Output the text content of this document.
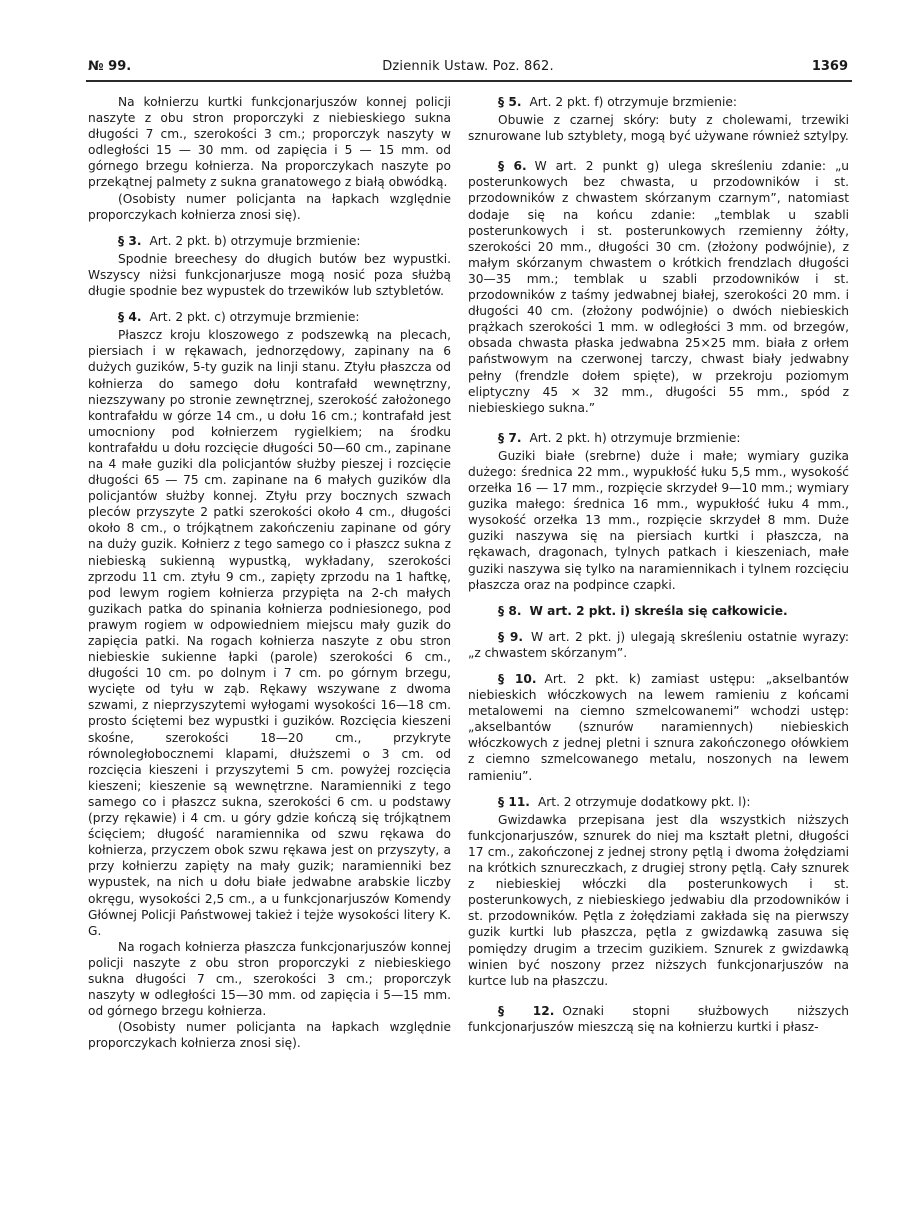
№ 99.	Dziennik Ustaw. Poz. 862.	1369

Na kołnierzu kurtki funkcjonarjuszów konnej policji naszyte z obu stron proporczyki z niebieskiego sukna długości 7 cm., szerokości 3 cm.; proporczyk naszyty w odległości 15 — 30 mm. od zapięcia i 5 — 15 mm. od górnego brzegu kołnierza. Na proporczykach naszyte po przekątnej palmety z sukna granatowego z białą obwódką.

(Osobisty numer policjanta na łapkach względnie proporczykach kołnierza znosi się).

§ 3. Art. 2 pkt. b) otrzymuje brzmienie:

Spodnie breechesy do długich butów bez wypustki. Wszyscy niżsi funkcjonarjusze mogą nosić poza służbą długie spodnie bez wypustek do trzewików lub sztybletów.

§ 4. Art. 2 pkt. c) otrzymuje brzmienie:

Płaszcz kroju kloszowego z podszewką na plecach, piersiach i w rękawach, jednorzędowy, zapinany na 6 dużych guzików, 5-ty guzik na linji stanu. Ztyłu płaszcza od kołnierza do samego dołu kontrafałd wewnętrzny, niezszywany po stronie zewnętrznej, szerokość założonego kontrafałdu w górze 14 cm., u dołu 16 cm.; kontrafałd jest umocniony pod kołnierzem rygielkiem; na środku kontrafałdu u dołu rozcięcie długości 50—60 cm., zapinane na 4 małe guziki dla policjantów służby pieszej i rozcięcie długości 65 — 75 cm. zapinane na 6 małych guzików dla policjantów służby konnej. Ztyłu przy bocznych szwach pleców przyszyte 2 patki szerokości około 4 cm., długości około 8 cm., o trójkątnem zakończeniu zapinane od góry na duży guzik. Kołnierz z tego samego co i płaszcz sukna z niebieską sukienną wypustką, wykładany, szerokości zprzodu 11 cm. ztyłu 9 cm., zapięty zprzodu na 1 haftkę, pod lewym rogiem kołnierza przypięta na 2-ch małych guzikach patka do spinania kołnierza podniesionego, pod prawym rogiem w odpowiedniem miejscu mały guzik do zapięcia patki. Na rogach kołnierza naszyte z obu stron niebieskie sukienne łapki (parole) szerokości 6 cm., długości 10 cm. po dolnym i 7 cm. po górnym brzegu, wycięte od tyłu w ząb. Rękawy wszywane z dwoma szwami, z nieprzyszytemi wyłogami wysokości 16—18 cm. prosto ściętemi bez wypustki i guzików. Rozcięcia kieszeni skośne, szerokości 18—20 cm., przykryte równoległobocznemi klapami, dłuższemi o 3 cm. od rozcięcia kieszeni i przyszytemi 5 cm. powyżej rozcięcia kieszeni; kieszenie są wewnętrzne. Naramienniki z tego samego co i płaszcz sukna, szerokości 6 cm. u podstawy (przy rękawie) i 4 cm. u góry gdzie kończą się trójkątnem ścięciem; długość naramiennika od szwu rękawa do kołnierza, przyczem obok szwu rękawa jest on przyszyty, a przy kołnierzu zapięty na mały guzik; naramienniki bez wypustek, na nich u dołu białe jedwabne arabskie liczby okręgu, wysokości 2,5 cm., a u funkcjonarjuszów Komendy Głównej Policji Państwowej takież i tejże wysokości litery K. G.

Na rogach kołnierza płaszcza funkcjonarjuszów konnej policji naszyte z obu stron proporczyki z niebieskiego sukna długości 7 cm., szerokości 3 cm.; proporczyk naszyty w odległości 15—30 mm. od zapięcia i 5—15 mm. od górnego brzegu kołnierza.

(Osobisty numer policjanta na łapkach względnie proporczykach kołnierza znosi się).

§ 5. Art. 2 pkt. f) otrzymuje brzmienie:

Obuwie z czarnej skóry: buty z cholewami, trzewiki sznurowane lub sztyblety, mogą być używane również sztylpy.

§ 6. W art. 2 punkt g) ulega skreśleniu zdanie: „u posterunkowych bez chwasta, u przodowników i st. przodowników z chwastem skórzanym czarnym”, natomiast dodaje się na końcu zdanie: „temblak u szabli posterunkowych i st. posterunkowych rzemienny żółty, szerokości 20 mm., długości 30 cm. (złożony podwójnie), z małym skórzanym chwastem o krótkich frendzlach długości 30—35 mm.; temblak u szabli przodowników i st. przodowników z taśmy jedwabnej białej, szerokości 20 mm. i długości 40 cm. (złożony podwójnie) o dwóch niebieskich prążkach szerokości 1 mm. w odległości 3 mm. od brzegów, obsada chwasta płaska jedwabna 25×25 mm. biała z orłem państwowym na czerwonej tarczy, chwast biały jedwabny pełny (frendzle dołem spięte), w przekroju poziomym eliptyczny 45 × 32 mm., długości 55 mm., spód z niebieskiego sukna.”

§ 7. Art. 2 pkt. h) otrzymuje brzmienie:

Guziki białe (srebrne) duże i małe; wymiary guzika dużego: średnica 22 mm., wypukłość łuku 5,5 mm., wysokość orzełka 16 — 17 mm., rozpięcie skrzydeł 9—10 mm.; wymiary guzika małego: średnica 16 mm., wypukłość łuku 4 mm., wysokość orzełka 13 mm., rozpięcie skrzydeł 8 mm. Duże guziki naszywa się na piersiach kurtki i płaszcza, na rękawach, dragonach, tylnych patkach i kieszeniach, małe guziki naszywa się tylko na naramiennikach i tylnem rozcięciu płaszcza oraz na podpince czapki.

§ 8. W art. 2 pkt. i) skreśla się całkowicie.

§ 9. W art. 2 pkt. j) ulegają skreśleniu ostatnie wyrazy: „z chwastem skórzanym”.

§ 10. Art. 2 pkt. k) zamiast ustępu: „akselbantów niebieskich włóczkowych na lewem ramieniu z końcami metalowemi na ciemno szmelcowanemi” wchodzi ustęp: „akselbantów (sznurów naramiennych) niebieskich włóczkowych z jednej pletni i sznura zakończonego ołówkiem z ciemno szmelcowanego metalu, noszonych na lewem ramieniu”.

§ 11. Art. 2 otrzymuje dodatkowy pkt. l):

Gwizdawka przepisana jest dla wszystkich niższych funkcjonarjuszów, sznurek do niej ma kształt pletni, długości 17 cm., zakończonej z jednej strony pętlą i dwoma żołędziami na krótkich sznureczkach, z drugiej strony pętlą. Cały sznurek z niebieskiej włóczki dla posterunkowych i st. posterunkowych, z niebieskiego jedwabiu dla przodowników i st. przodowników. Pętla z żołędziami zakłada się na pierwszy guzik kurtki lub płaszcza, pętla z gwizdawką zasuwa się pomiędzy drugim a trzecim guzikiem. Sznurek z gwizdawką winien być noszony przez niższych funkcjonarjuszów na kurtce lub na płaszczu.

§ 12. Oznaki stopni służbowych niższych funkcjonarjuszów mieszczą się na kołnierzu kurtki i płasz-
